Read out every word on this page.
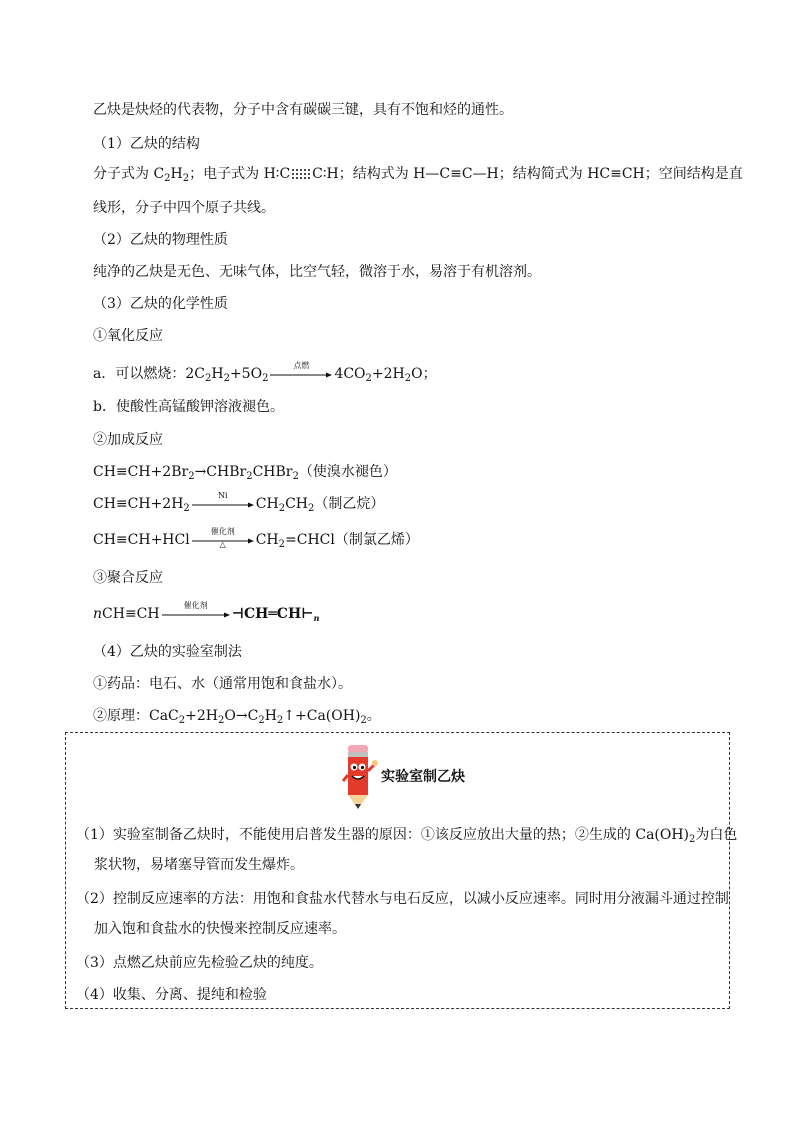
乙炔是炔烃的代表物，分子中含有碳碳三键，具有不饱和烃的通性。
（1）乙炔的结构
分子式为 $C_2H_2$；电子式为 H∶C C∶H；结构式为 H—C≡C—H；结构简式为 HC≡CH；空间结构是直
线形，分子中四个原子共线。
（2）乙炔的物理性质
纯净的乙炔是无色、无味气体，比空气轻，微溶于水，易溶于有机溶剂。
（3）乙炔的化学性质
①氧化反应
a．可以燃烧：$2C_2H_2+5O_2$
点燃
$4CO_2+2H_2O$；
b．使酸性高锰酸钾溶液褪色。
②加成反应
$CH\equiv CH+2Br_2\to CHBr_2CHBr_2$（使溴水褪色）
$CH\equiv CH+2H_2$
Ni
$CH_2CH_2$（制乙烷）
CH≡CH+HCl
催化剂
△	$CH_2=CHCl$（制氯乙烯）
③聚合反应
nCH≡CH
催化剂
$⊣CH═CH⊢_n$
（4）乙炔的实验室制法
①药品：电石、水（通常用饱和食盐水）。
②原理：$CaC_2+2H_2O\to C_2H_2↑+Ca(OH)_2$。
实验室制乙炔
（1）实验室制备乙炔时，不能使用启普发生器的原因：①该反应放出大量的热；②生成的 $Ca(OH)_2$为白色
浆状物，易堵塞导管而发生爆炸。
（2）控制反应速率的方法：用饱和食盐水代替水与电石反应，以减小反应速率。同时用分液漏斗通过控制
加入饱和食盐水的快慢来控制反应速率。
（3）点燃乙炔前应先检验乙炔的纯度。
（4）收集、分离、提纯和检验
